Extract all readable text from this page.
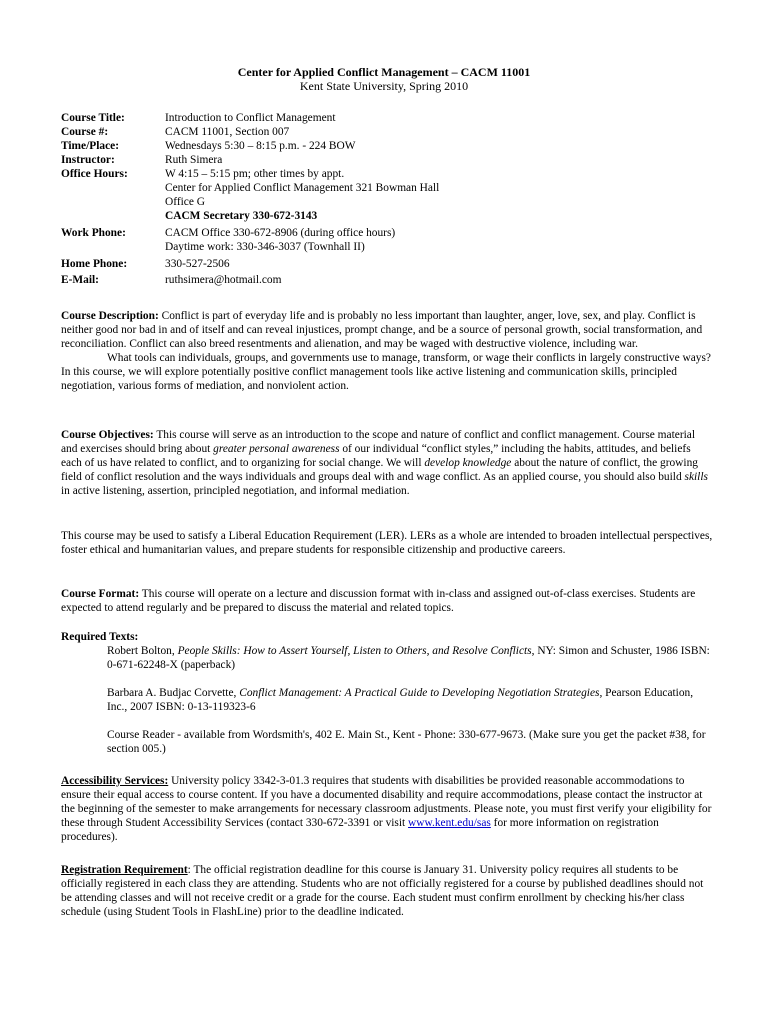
Center for Applied Conflict Management – CACM 11001
Kent State University, Spring 2010
Course Title:	Introduction to Conflict Management
Course #:	CACM 11001, Section 007
Time/Place:	Wednesdays 5:30 – 8:15 p.m. - 224 BOW
Instructor:	Ruth Simera
Office Hours:	W 4:15 – 5:15 pm; other times by appt.
Center for Applied Conflict Management 321 Bowman Hall
Office G
CACM Secretary 330-672-3143
Work Phone:	CACM Office 330-672-8906 (during office hours)
Daytime work: 330-346-3037 (Townhall II)
Home Phone:	330-527-2506
E-Mail:	ruthsimera@hotmail.com
Course Description: Conflict is part of everyday life and is probably no less important than laughter, anger, love, sex, and play. Conflict is neither good nor bad in and of itself and can reveal injustices, prompt change, and be a source of personal growth, social transformation, and reconciliation. Conflict can also breed resentments and alienation, and may be waged with destructive violence, including war.
What tools can individuals, groups, and governments use to manage, transform, or wage their conflicts in largely constructive ways? In this course, we will explore potentially positive conflict management tools like active listening and communication skills, principled negotiation, various forms of mediation, and nonviolent action.
Course Objectives: This course will serve as an introduction to the scope and nature of conflict and conflict management. Course material and exercises should bring about greater personal awareness of our individual “conflict styles,” including the habits, attitudes, and beliefs each of us have related to conflict, and to organizing for social change. We will develop knowledge about the nature of conflict, the growing field of conflict resolution and the ways individuals and groups deal with and wage conflict. As an applied course, you should also build skills in active listening, assertion, principled negotiation, and informal mediation.
This course may be used to satisfy a Liberal Education Requirement (LER). LERs as a whole are intended to broaden intellectual perspectives, foster ethical and humanitarian values, and prepare students for responsible citizenship and productive careers.
Course Format: This course will operate on a lecture and discussion format with in-class and assigned out-of-class exercises. Students are expected to attend regularly and be prepared to discuss the material and related topics.
Required Texts:
Robert Bolton, People Skills: How to Assert Yourself, Listen to Others, and Resolve Conflicts, NY: Simon and Schuster, 1986 ISBN: 0-671-62248-X (paperback)
Barbara A. Budjac Corvette, Conflict Management: A Practical Guide to Developing Negotiation Strategies, Pearson Education, Inc., 2007 ISBN: 0-13-119323-6
Course Reader - available from Wordsmith's, 402 E. Main St., Kent - Phone: 330-677-9673. (Make sure you get the packet #38, for section 005.)
Accessibility Services: University policy 3342-3-01.3 requires that students with disabilities be provided reasonable accommodations to ensure their equal access to course content. If you have a documented disability and require accommodations, please contact the instructor at the beginning of the semester to make arrangements for necessary classroom adjustments. Please note, you must first verify your eligibility for these through Student Accessibility Services (contact 330-672-3391 or visit www.kent.edu/sas for more information on registration procedures).
Registration Requirement: The official registration deadline for this course is January 31. University policy requires all students to be officially registered in each class they are attending. Students who are not officially registered for a course by published deadlines should not be attending classes and will not receive credit or a grade for the course. Each student must confirm enrollment by checking his/her class schedule (using Student Tools in FlashLine) prior to the deadline indicated.
